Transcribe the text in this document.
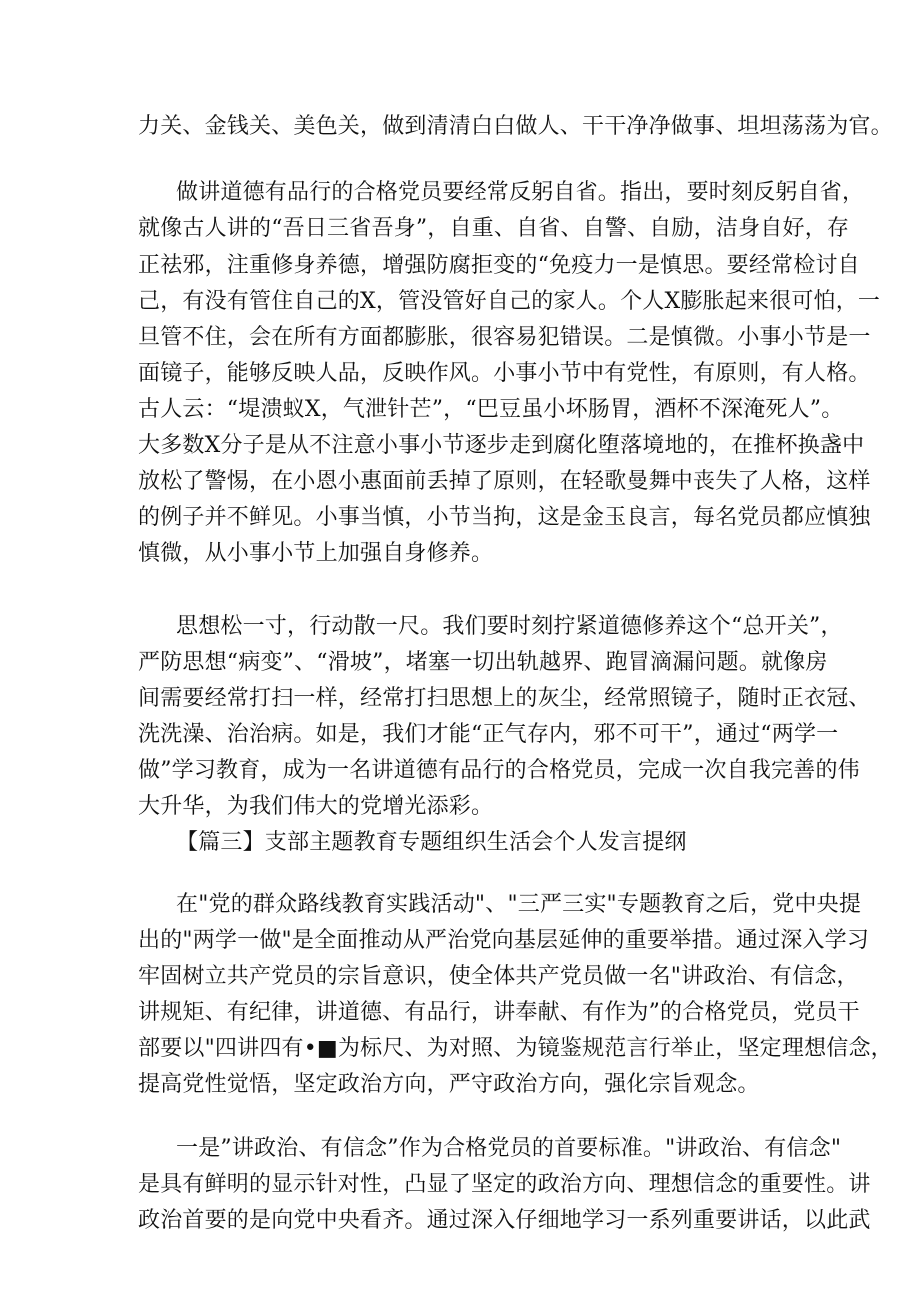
力关、金钱关、美色关，做到清清白白做人、干干净净做事、坦坦荡荡为官。
做讲道德有品行的合格党员要经常反躬自省。指出，要时刻反躬自省，
就像古人讲的“吾日三省吾身”，自重、自省、自警、自励，洁身自好，存
正祛邪，注重修身养德，增强防腐拒变的“免疫力一是慎思。要经常检讨自
己，有没有管住自己的X，管没管好自己的家人。个人X膨胀起来很可怕，一
旦管不住，会在所有方面都膨胀，很容易犯错误。二是慎微。小事小节是一
面镜子，能够反映人品，反映作风。小事小节中有党性，有原则，有人格。
古人云：“堤溃蚁X，气泄针芒”，“巴豆虽小坏肠胃，酒杯不深淹死人”。
大多数X分子是从不注意小事小节逐步走到腐化堕落境地的，在推杯换盏中
放松了警惕，在小恩小惠面前丢掉了原则，在轻歌曼舞中丧失了人格，这样
的例子并不鲜见。小事当慎，小节当拘，这是金玉良言，每名党员都应慎独
慎微，从小事小节上加强自身修养。
思想松一寸，行动散一尺。我们要时刻拧紧道德修养这个“总开关”，
严防思想“病变”、“滑坡”，堵塞一切出轨越界、跑冒滴漏问题。就像房
间需要经常打扫一样，经常打扫思想上的灰尘，经常照镜子，随时正衣冠、
洗洗澡、治治病。如是，我们才能“正气存内，邪不可干”，通过“两学一
做”学习教育，成为一名讲道德有品行的合格党员，完成一次自我完善的伟
大升华，为我们伟大的党增光添彩。
【篇三】支部主题教育专题组织生活会个人发言提纲
在"党的群众路线教育实践活动"、"三严三实"专题教育之后，党中央提
出的"两学一做"是全面推动从严治党向基层延伸的重要举措。通过深入学习
牢固树立共产党员的宗旨意识，使全体共产党员做一名"讲政治、有信念，
讲规矩、有纪律，讲道德、有品行，讲奉献、有作为”的合格党员，党员干
部要以"四讲四有•■为标尺、为对照、为镜鉴规范言行举止，坚定理想信念，
提高党性觉悟，坚定政治方向，严守政治方向，强化宗旨观念。
一是”讲政治、有信念”作为合格党员的首要标准。"讲政治、有信念"
是具有鲜明的显示针对性，凸显了坚定的政治方向、理想信念的重要性。讲
政治首要的是向党中央看齐。通过深入仔细地学习一系列重要讲话，以此武
